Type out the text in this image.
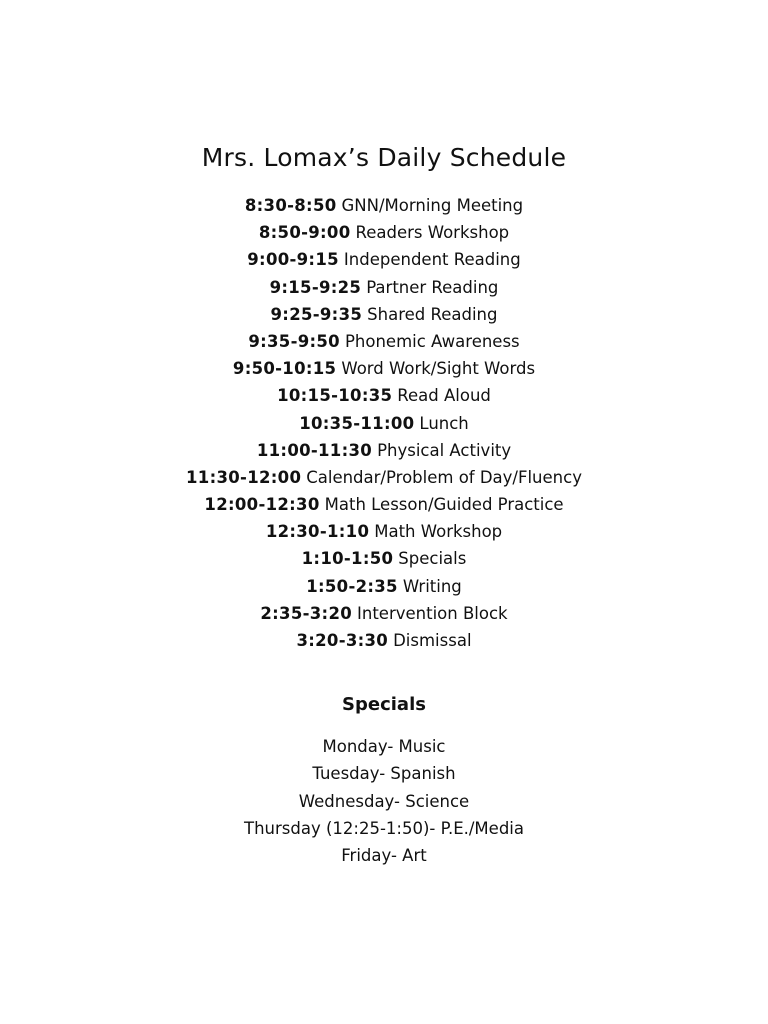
Mrs. Lomax’s Daily Schedule
8:30-8:50 GNN/Morning Meeting
8:50-9:00 Readers Workshop
9:00-9:15 Independent Reading
9:15-9:25 Partner Reading
9:25-9:35 Shared Reading
9:35-9:50 Phonemic Awareness
9:50-10:15 Word Work/Sight Words
10:15-10:35 Read Aloud
10:35-11:00 Lunch
11:00-11:30 Physical Activity
11:30-12:00 Calendar/Problem of Day/Fluency
12:00-12:30 Math Lesson/Guided Practice
12:30-1:10 Math Workshop
1:10-1:50 Specials
1:50-2:35 Writing
2:35-3:20 Intervention Block
3:20-3:30 Dismissal
Specials
Monday- Music
Tuesday- Spanish
Wednesday- Science
Thursday (12:25-1:50)- P.E./Media
Friday- Art
